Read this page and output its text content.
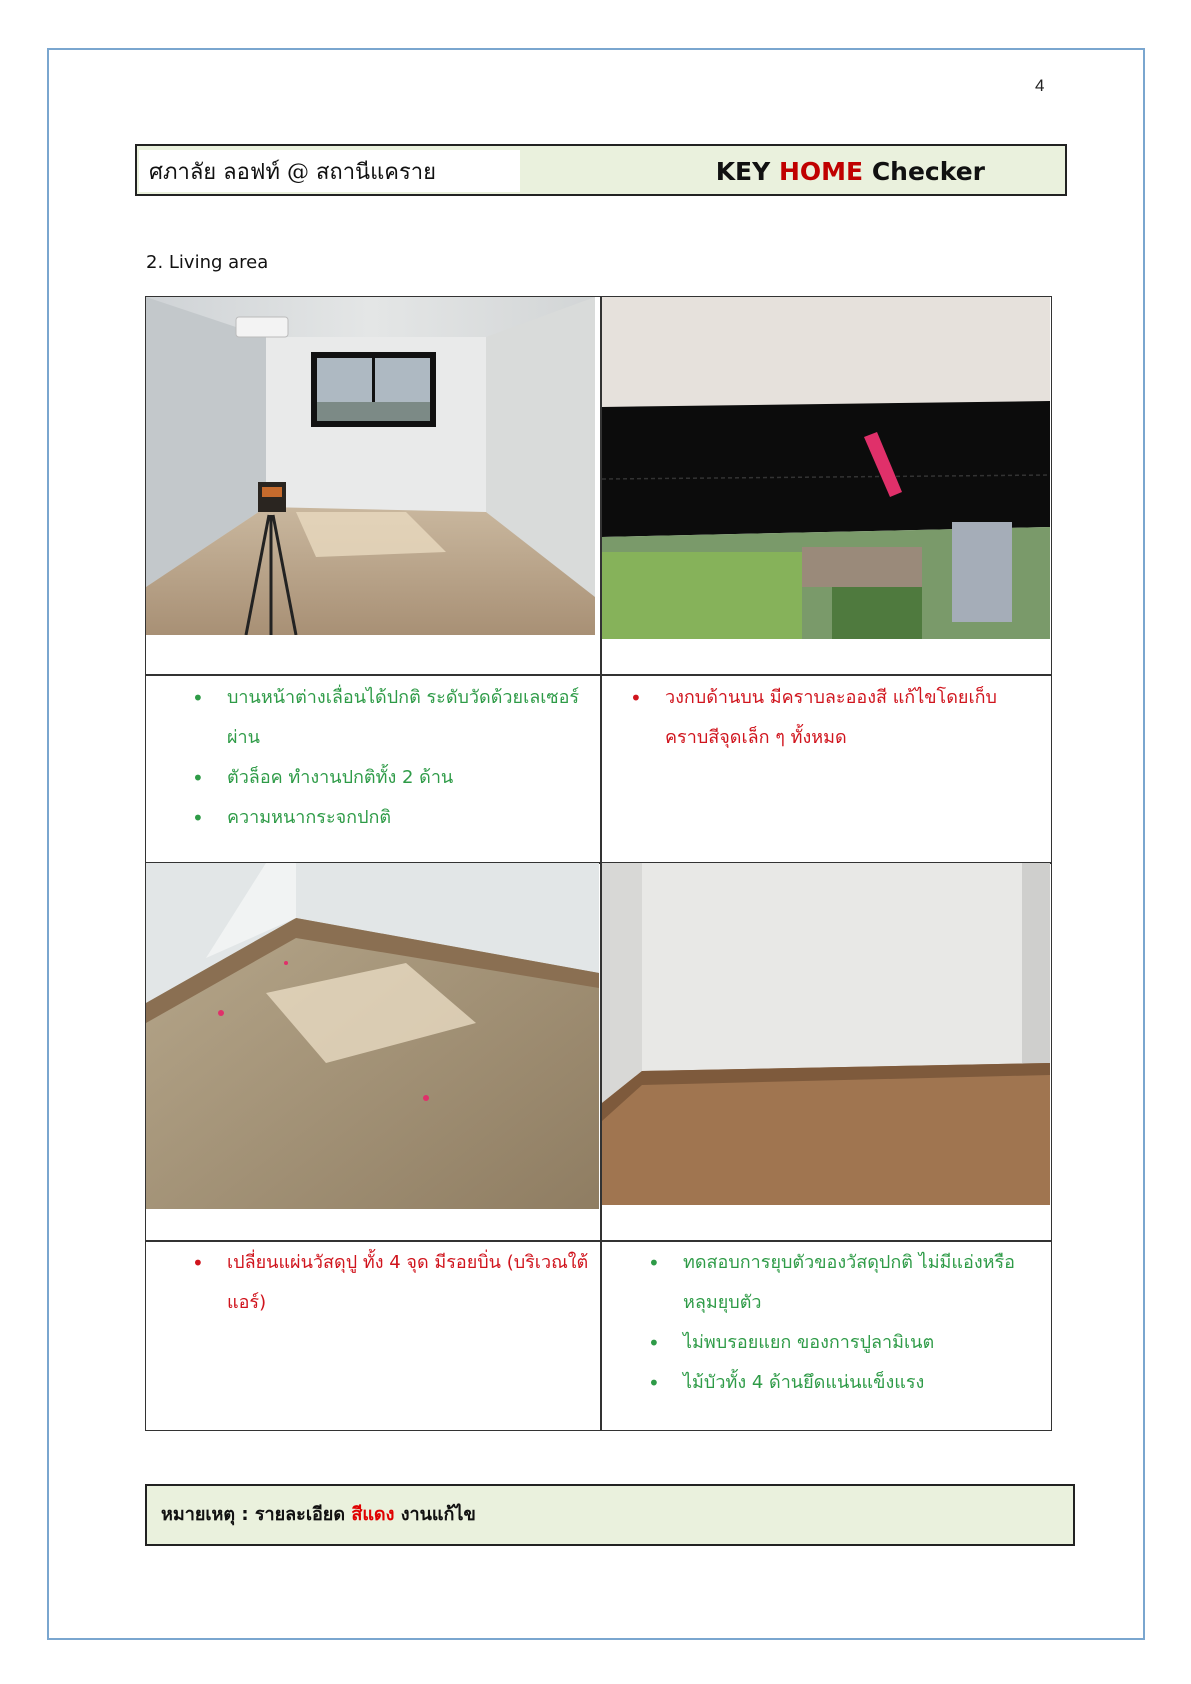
4
ศภาลัย ลอฟท์ @ สถานีแคราย	KEY HOME Checker
2. Living area
• บานหน้าต่างเลื่อนได้ปกติ ระดับวัดด้วยเลเซอร์ผ่าน
• ตัวล็อค ทำงานปกติทั้ง 2 ด้าน
• ความหนากระจกปกติ
• วงกบด้านบน มีคราบละอองสี แก้ไขโดยเก็บคราบสีจุดเล็ก ๆ ทั้งหมด
• เปลี่ยนแผ่นวัสดุปู ทั้ง 4 จุด มีรอยบิ่น (บริเวณใต้แอร์)
• ทดสอบการยุบตัวของวัสดุปกติ ไม่มีแอ่งหรือหลุมยุบตัว
• ไม่พบรอยแยก ของการปูลามิเนต
• ไม้บัวทั้ง 4 ด้านยึดแน่นแข็งแรง
หมายเหตุ : รายละเอียด สีแดง งานแก้ไข
